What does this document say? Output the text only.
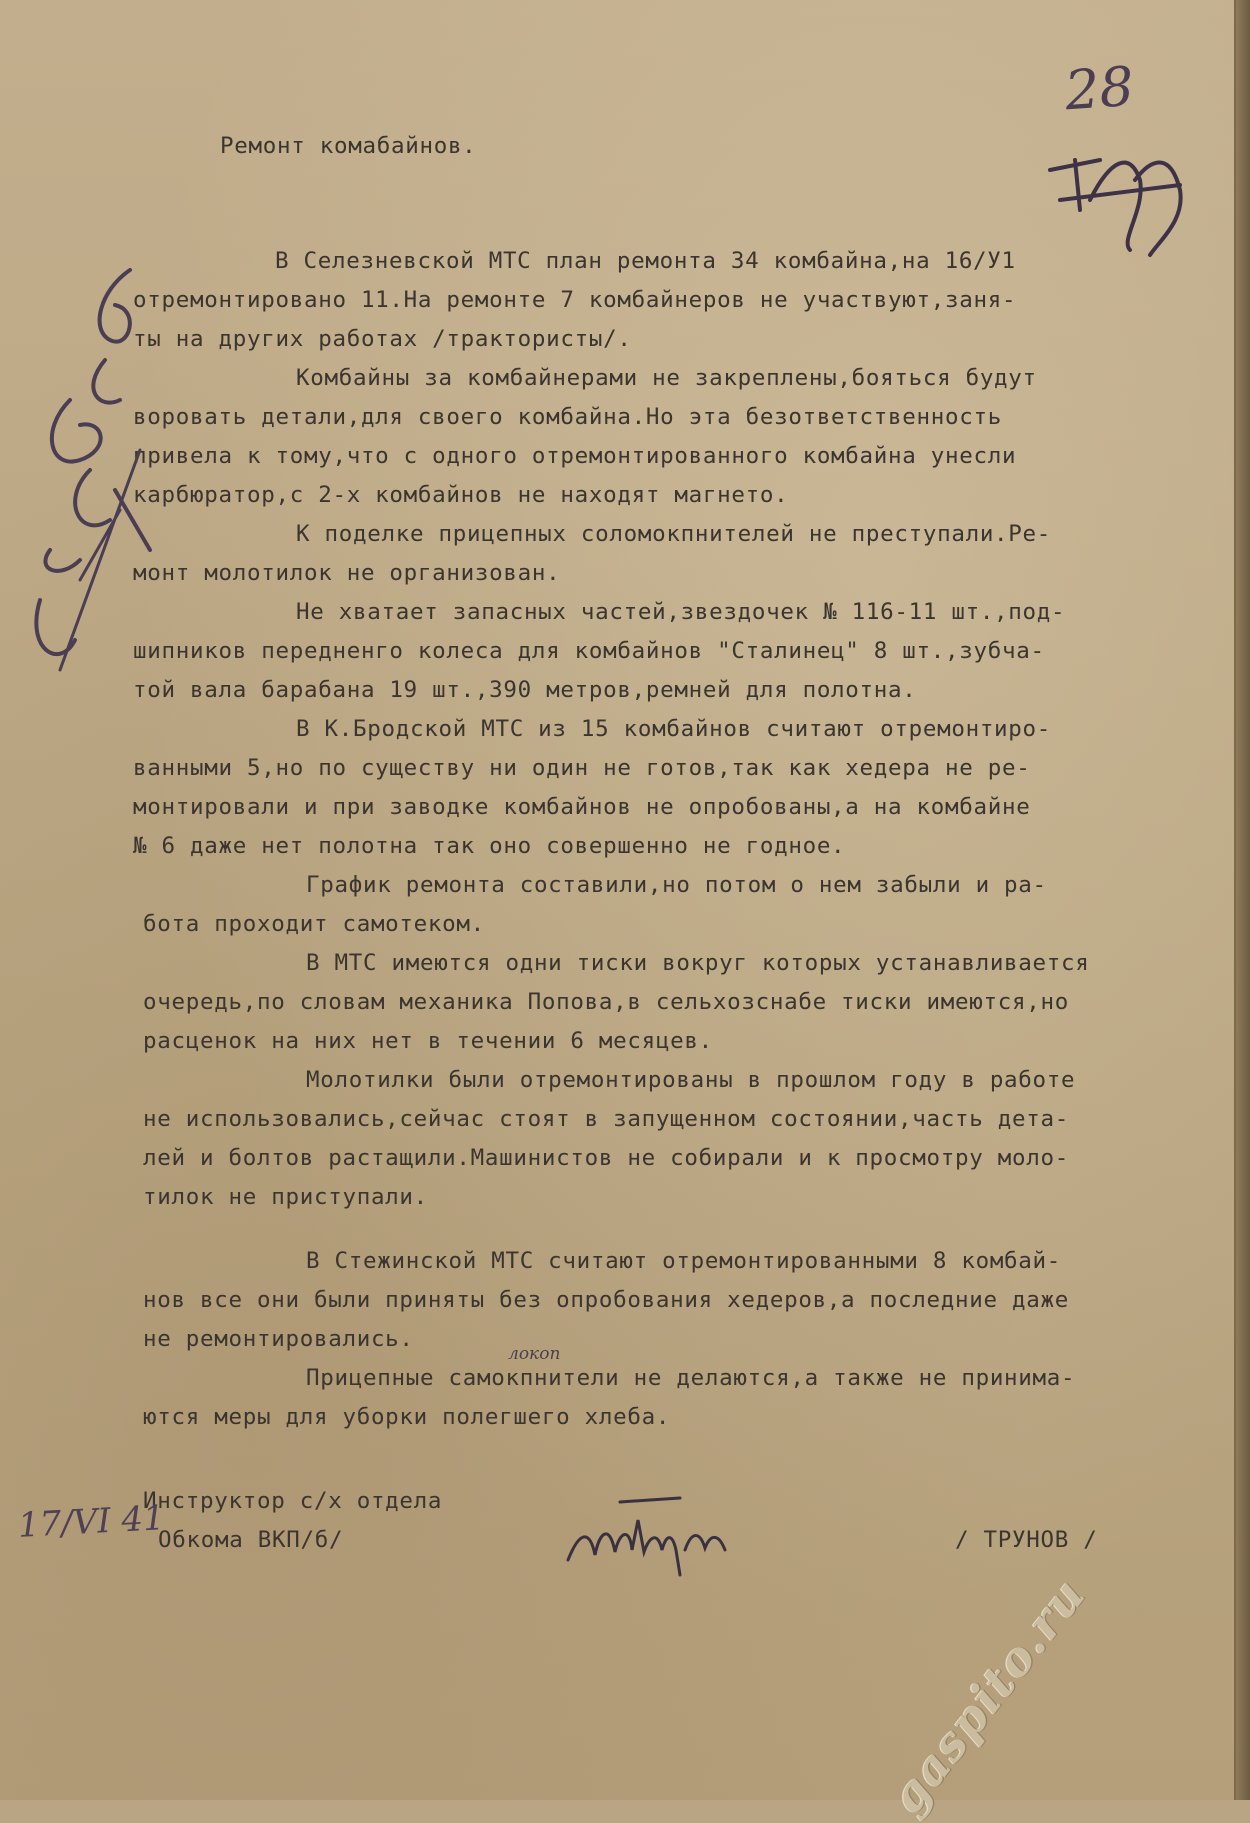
28
Ремонт комабайнов.
В Селезневской МТС план ремонта 34 комбайна,на 16/У1
отремонтировано 11.На ремонте 7 комбайнеров не участвуют,заня-
ты на других работах /трактористы/.
Комбайны за комбайнерами не закреплены,бояться будут
воровать детали,для своего комбайна.Но эта безответственность
привела к тому,что с одного отремонтированного комбайна унесли
карбюратор,с 2-х комбайнов не находят магнето.
К поделке прицепных соломокпнителей не преступали.Ре-
монт молотилок не организован.
Не хватает запасных частей,звездочек № 116-11 шт.,под-
шипников передненго колеса для комбайнов "Сталинец" 8 шт.,зубча-
той вала барабана 19 шт.,390 метров,ремней для полотна.
В К.Бродской МТС из 15 комбайнов считают отремонтиро-
ванными 5,но по существу ни один не готов,так как хедера не ре-
монтировали и при заводке комбайнов не опробованы,а на комбайне
№ 6 даже нет полотна так оно совершенно не годное.
График ремонта составили,но потом о нем забыли и ра-
бота проходит самотеком.
В МТС имеются одни тиски вокруг которых устанавливается
очередь,по словам механика Попова,в сельхозснабе тиски имеются,но
расценок на них нет в течении 6 месяцев.
Молотилки были отремонтированы в прошлом году в работе
не использовались,сейчас стоят в запущенном состоянии,часть дета-
лей и болтов растащили.Машинистов не собирали и к просмотру моло-
тилок не приступали.
В Стежинской МТС считают отремонтированными 8 комбай-
нов все они были приняты без опробования хедеров,а последние даже
не ремонтировались.
Прицепные самокпнители не делаются,а также не принима-
ются меры для уборки полегшего хлеба.
локоп
Инструктор с/х отдела
Обкома ВКП/б/	/ ТРУНОВ /
17/VI 41
gaspito.ru
